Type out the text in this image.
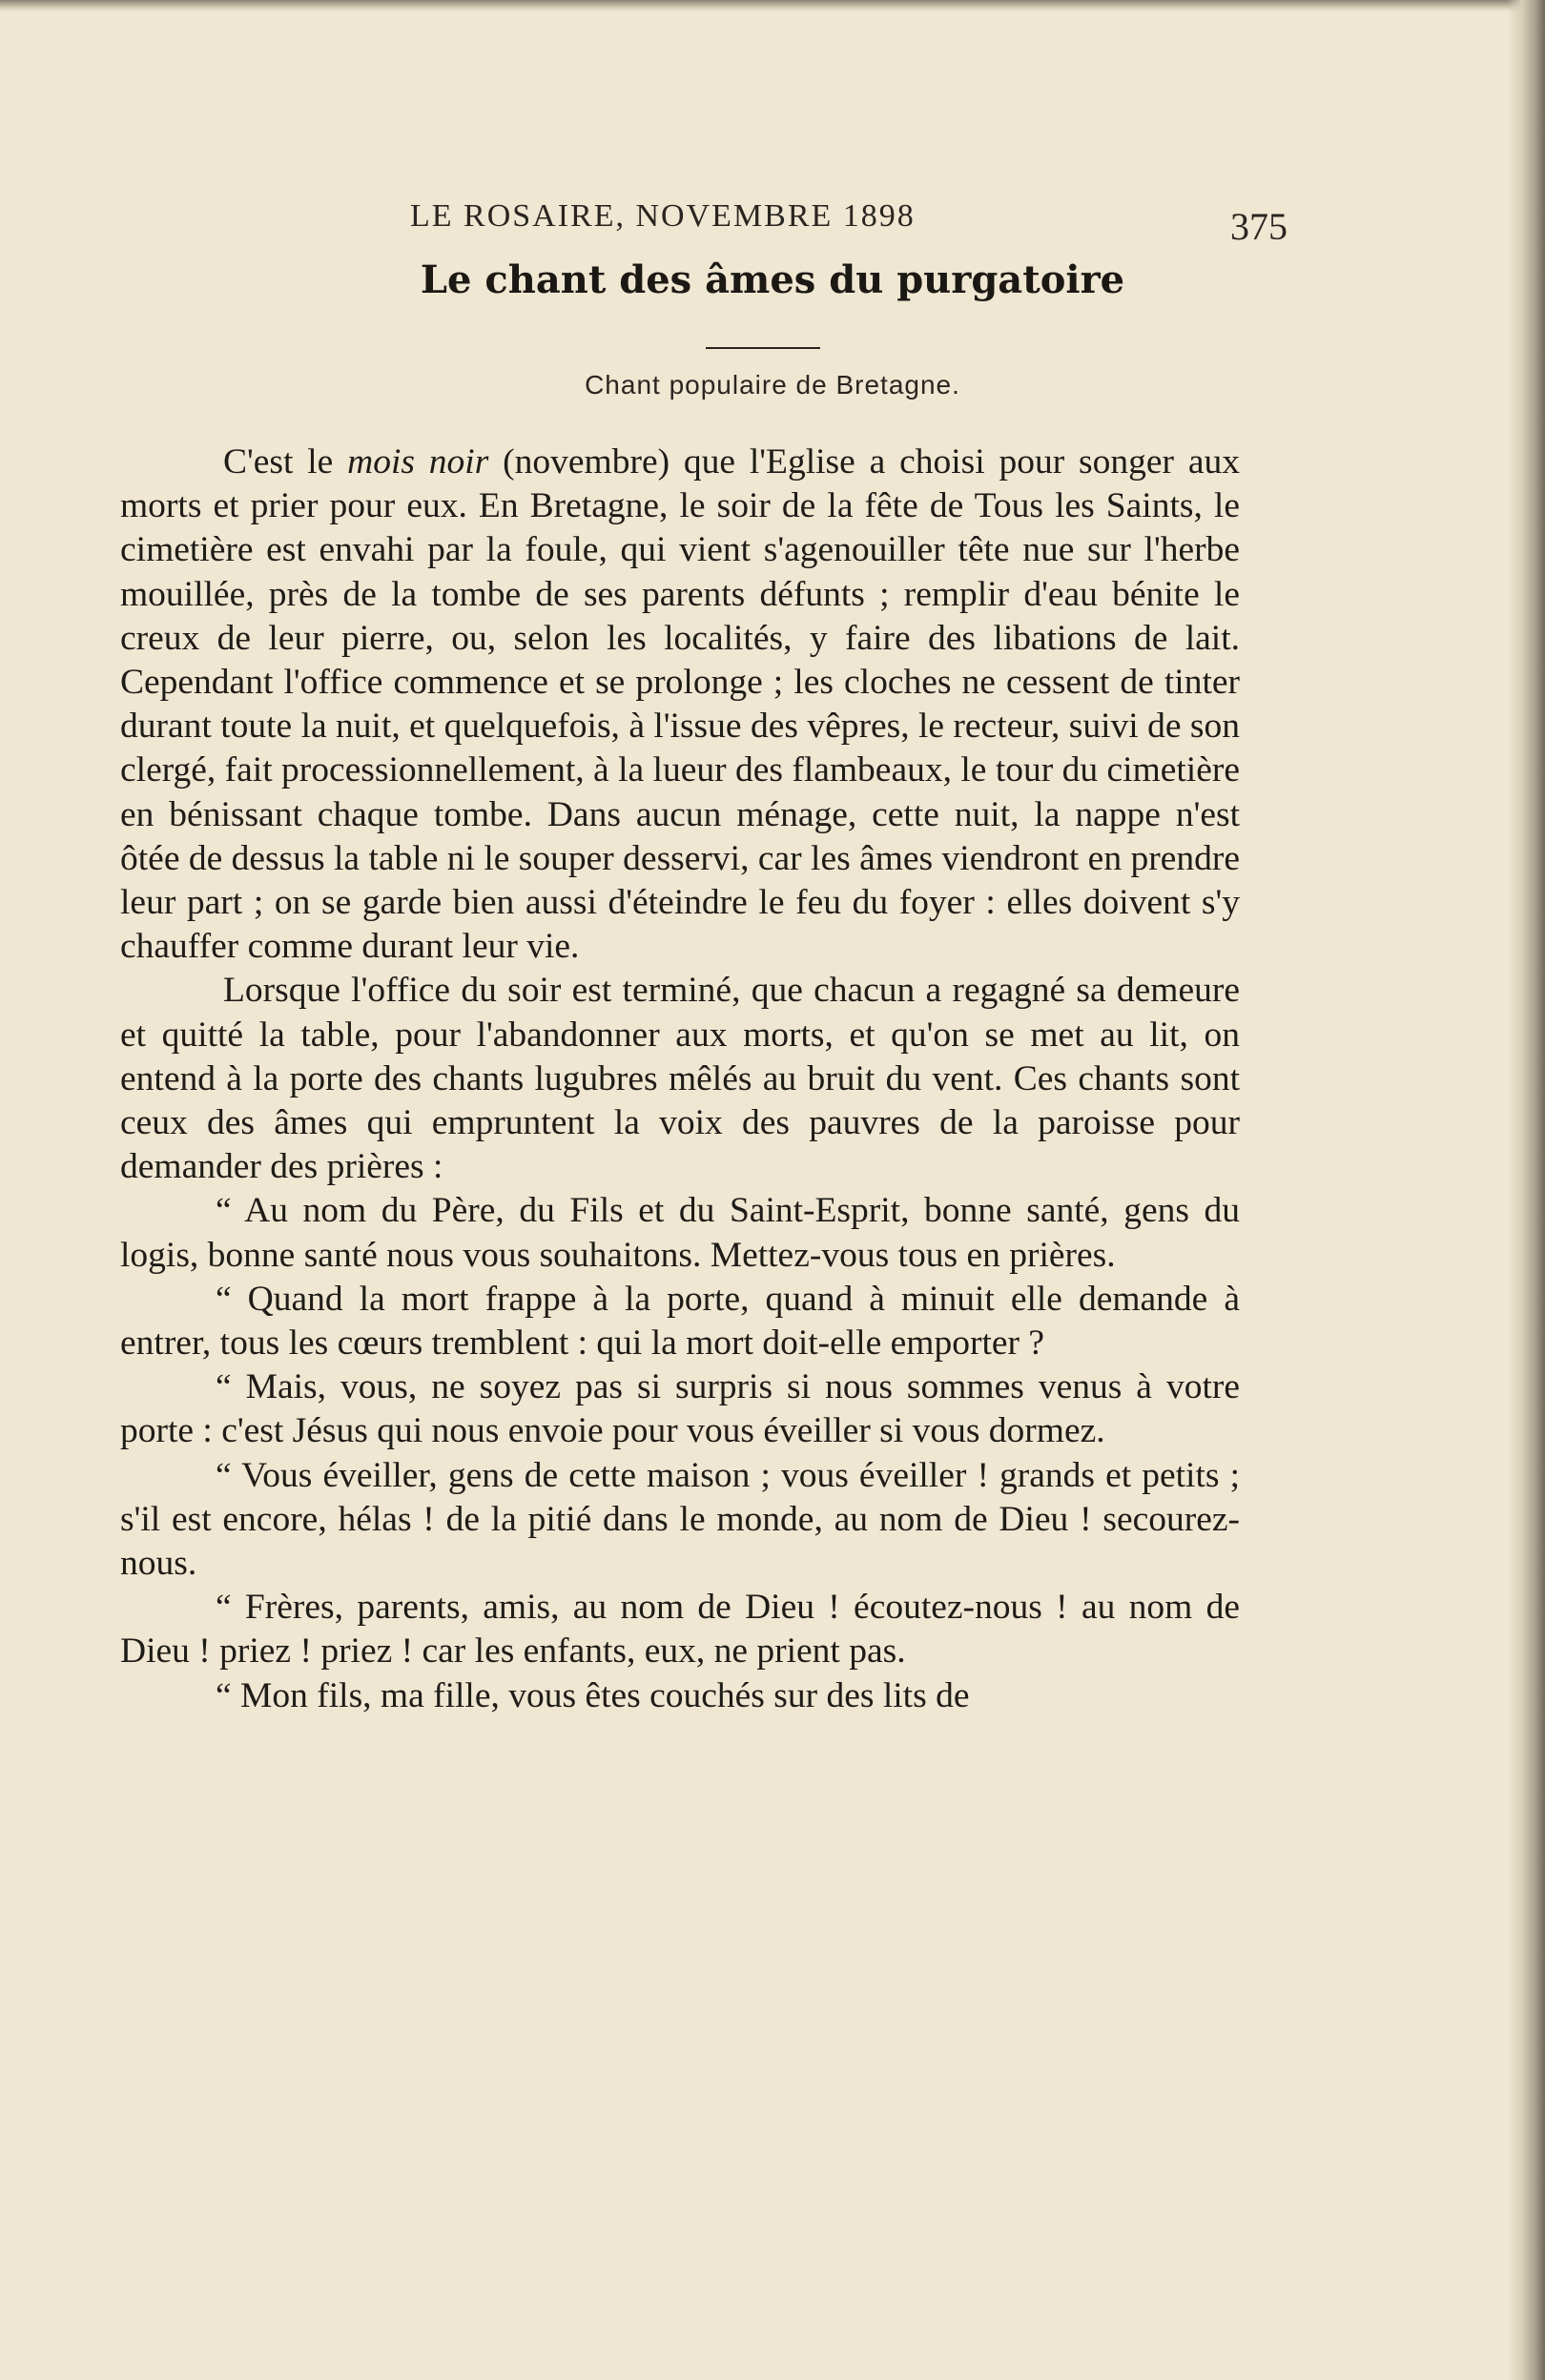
LE ROSAIRE, NOVEMBRE 1898	375
Le chant des âmes du purgatoire
Chant populaire de Bretagne.

C'est le mois noir (novembre) que l'Eglise a choisi pour songer aux morts et prier pour eux. En Bretagne, le soir de la fête de Tous les Saints, le cimetière est envahi par la foule, qui vient s'agenouiller tête nue sur l'herbe mouillée, près de la tombe de ses parents défunts ; remplir d'eau bénite le creux de leur pierre, ou, selon les localités, y faire des libations de lait. Cependant l'office commence et se prolonge ; les cloches ne cessent de tinter durant toute la nuit, et quelquefois, à l'issue des vêpres, le recteur, suivi de son clergé, fait processionnellement, à la lueur des flambeaux, le tour du cimetière en bénissant chaque tombe. Dans aucun ménage, cette nuit, la nappe n'est ôtée de dessus la table ni le souper desservi, car les âmes viendront en prendre leur part ; on se garde bien aussi d'éteindre le feu du foyer : elles doivent s'y chauffer comme durant leur vie.

Lorsque l'office du soir est terminé, que chacun a regagné sa demeure et quitté la table, pour l'abandonner aux morts, et qu'on se met au lit, on entend à la porte des chants lugubres mêlés au bruit du vent. Ces chants sont ceux des âmes qui empruntent la voix des pauvres de la paroisse pour demander des prières :

“ Au nom du Père, du Fils et du Saint-Esprit, bonne santé, gens du logis, bonne santé nous vous souhaitons. Mettez-vous tous en prières.

“ Quand la mort frappe à la porte, quand à minuit elle demande à entrer, tous les cœurs tremblent : qui la mort doit-elle emporter ?

“ Mais, vous, ne soyez pas si surpris si nous sommes venus à votre porte : c'est Jésus qui nous envoie pour vous éveiller si vous dormez.

“ Vous éveiller, gens de cette maison ; vous éveiller ! grands et petits ; s'il est encore, hélas ! de la pitié dans le monde, au nom de Dieu ! secourez-nous.

“ Frères, parents, amis, au nom de Dieu ! écoutez-nous ! au nom de Dieu ! priez ! priez ! car les enfants, eux, ne prient pas.

“ Mon fils, ma fille, vous êtes couchés sur des lits de
